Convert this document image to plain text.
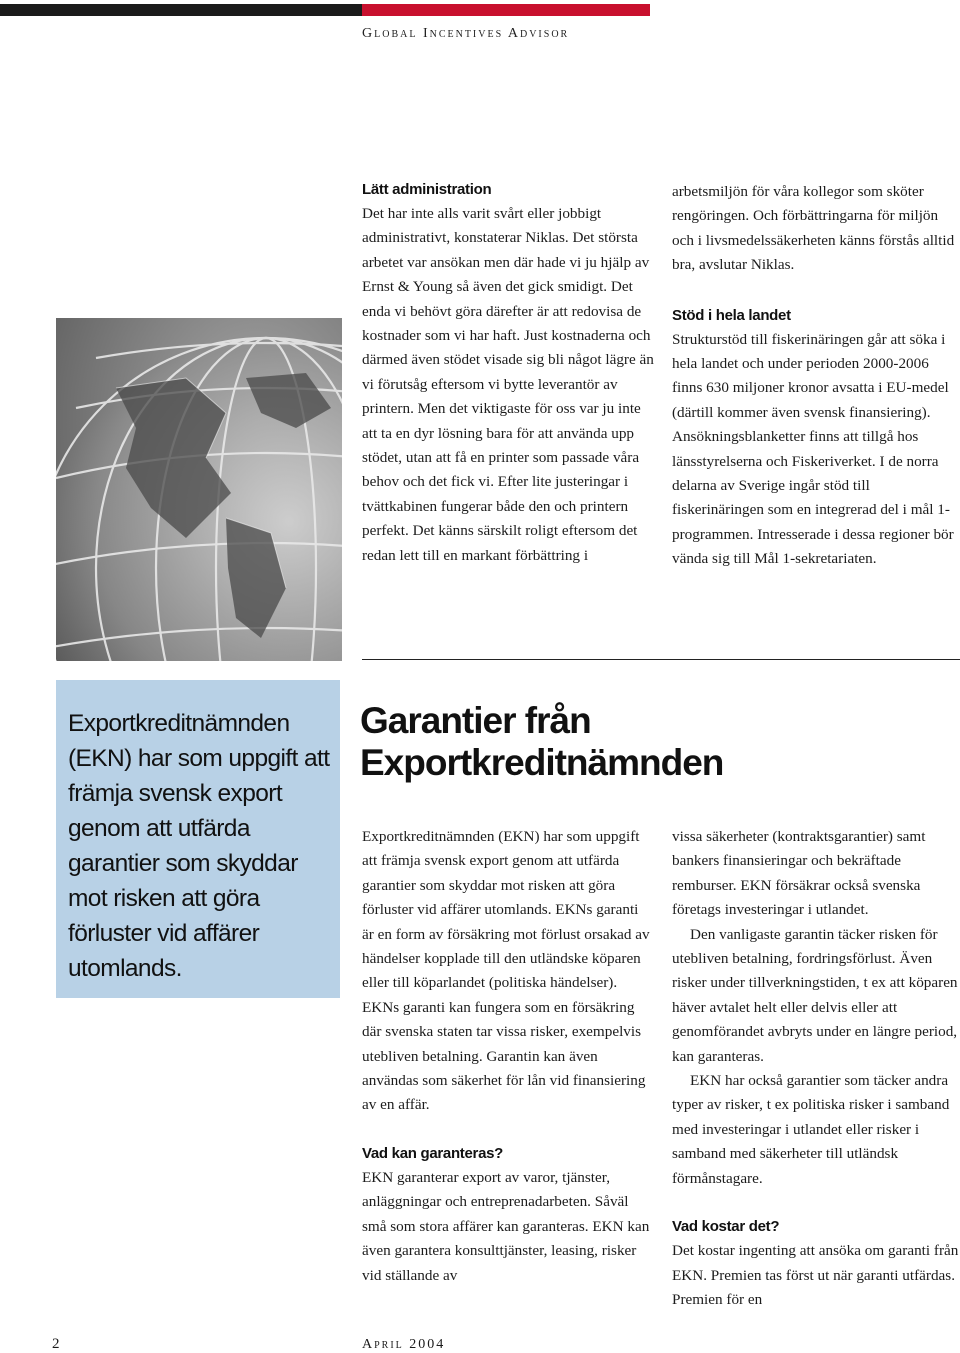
Global Incentives Advisor
Lätt administration

Det har inte alls varit svårt eller jobbigt administrativt, konstaterar Niklas. Det största arbetet var ansökan men där hade vi ju hjälp av Ernst & Young så även det gick smidigt. Det enda vi behövt göra därefter är att redovisa de kostnader som vi har haft. Just kostnaderna och därmed även stödet visade sig bli något lägre än vi förutsåg eftersom vi bytte leverantör av printern. Men det viktigaste för oss var ju inte att ta en dyr lösning bara för att använda upp stödet, utan att få en printer som passade våra behov och det fick vi. Efter lite justeringar i tvättkabinen fungerar både den och printern perfekt. Det känns särskilt roligt eftersom det redan lett till en markant förbättring i

arbetsmiljön för våra kollegor som sköter rengöringen. Och förbättringarna för miljön och i livsmedelssäkerheten känns förstås alltid bra, avslutar Niklas.

Stöd i hela landet

Strukturstöd till fiskerinäringen går att söka i hela landet och under perioden 2000-2006 finns 630 miljoner kronor avsatta i EU-medel (därtill kommer även svensk finansiering). Ansökningsblanketter finns att tillgå hos länsstyrelserna och Fiskeriverket. I de norra delarna av Sverige ingår stöd till fiskerinäringen som en integrerad del i mål 1-programmen. Intresserade i dessa regioner bör vända sig till Mål 1-sekretariaten.

Exportkreditnämnden (EKN) har som uppgift att främja svensk export genom att utfärda garantier som skyddar mot risken att göra förluster vid affärer utomlands.
Garantier från
Exportkreditnämnden

Exportkreditnämnden (EKN) har som uppgift att främja svensk export genom att utfärda garantier som skyddar mot risken att göra förluster vid affärer utomlands. EKNs garanti är en form av försäkring mot förlust orsakad av händelser kopplade till den utländske köparen eller till köparlandet (politiska händelser). EKNs garanti kan fungera som en försäkring där svenska staten tar vissa risker, exempelvis utebliven betalning. Garantin kan även användas som säkerhet för lån vid finansiering av en affär.

Vad kan garanteras?

EKN garanterar export av varor, tjänster, anläggningar och entreprenadarbeten. Såväl små som stora affärer kan garanteras. EKN kan även garantera konsulttjänster, leasing, risker vid ställande av

vissa säkerheter (kontraktsgarantier) samt bankers finansieringar och bekräftade remburser. EKN försäkrar också svenska företags investeringar i utlandet.

Den vanligaste garantin täcker risken för utebliven betalning, fordringsförlust. Även risker under tillverkningstiden, t ex att köparen häver avtalet helt eller delvis eller att genomförandet avbryts under en längre period, kan garanteras.

EKN har också garantier som täcker andra typer av risker, t ex politiska risker i samband med investeringar i utlandet eller risker i samband med säkerheter till utländsk förmånstagare.

Vad kostar det?

Det kostar ingenting att ansöka om garanti från EKN. Premien tas först ut när garanti utfärdas. Premien för en

2	April 2004
